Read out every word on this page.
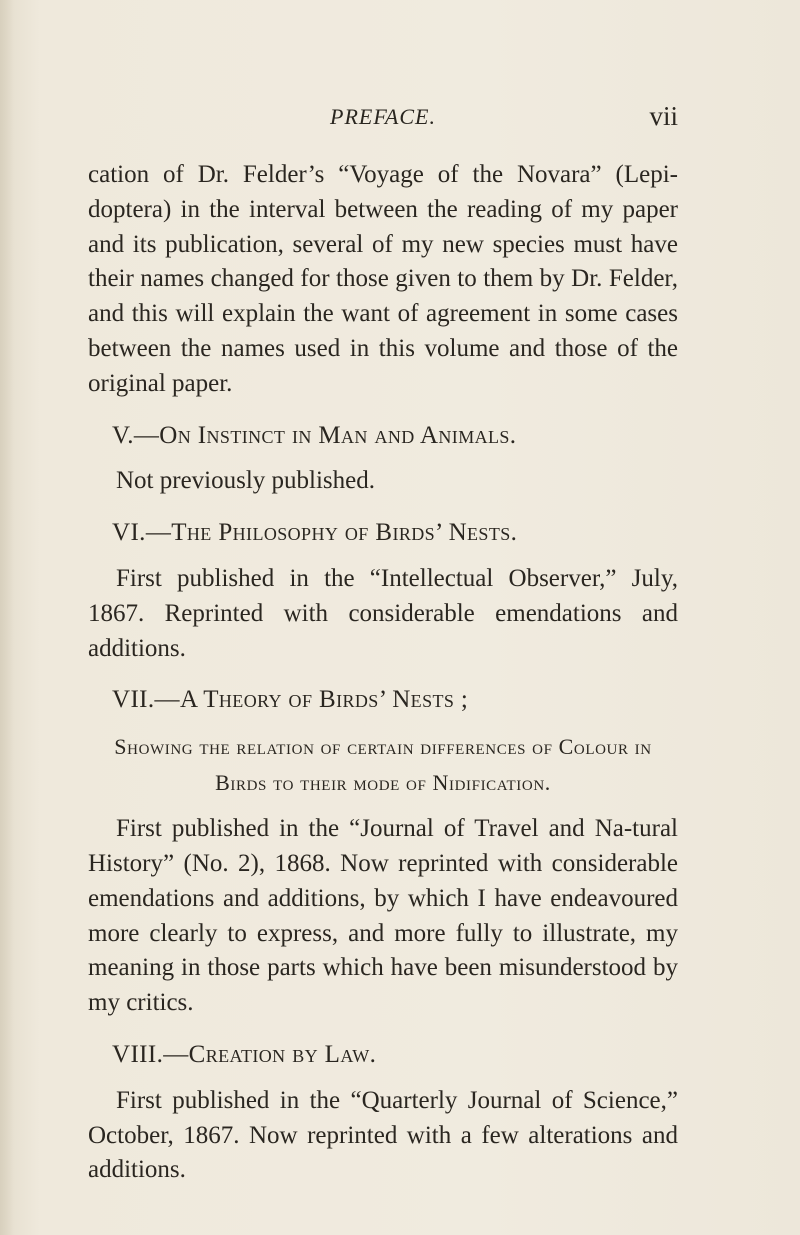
PREFACE.	vii

cation of Dr. Felder’s “Voyage of the Novara” (Lepi-doptera) in the interval between the reading of my paper and its publication, several of my new species must have their names changed for those given to them by Dr. Felder, and this will explain the want of agreement in some cases between the names used in this volume and those of the original paper.

V.—On Instinct in Man and Animals.

Not previously published.

VI.—The Philosophy of Birds’ Nests.

First published in the “Intellectual Observer,” July, 1867. Reprinted with considerable emendations and additions.

VII.—A Theory of Birds’ Nests ;

Showing the relation of certain differences of Colour in Birds to their mode of Nidification.

First published in the “Journal of Travel and Na-tural History” (No. 2), 1868. Now reprinted with considerable emendations and additions, by which I have endeavoured more clearly to express, and more fully to illustrate, my meaning in those parts which have been misunderstood by my critics.

VIII.—Creation by Law.

First published in the “Quarterly Journal of Science,” October, 1867. Now reprinted with a few alterations and additions.
